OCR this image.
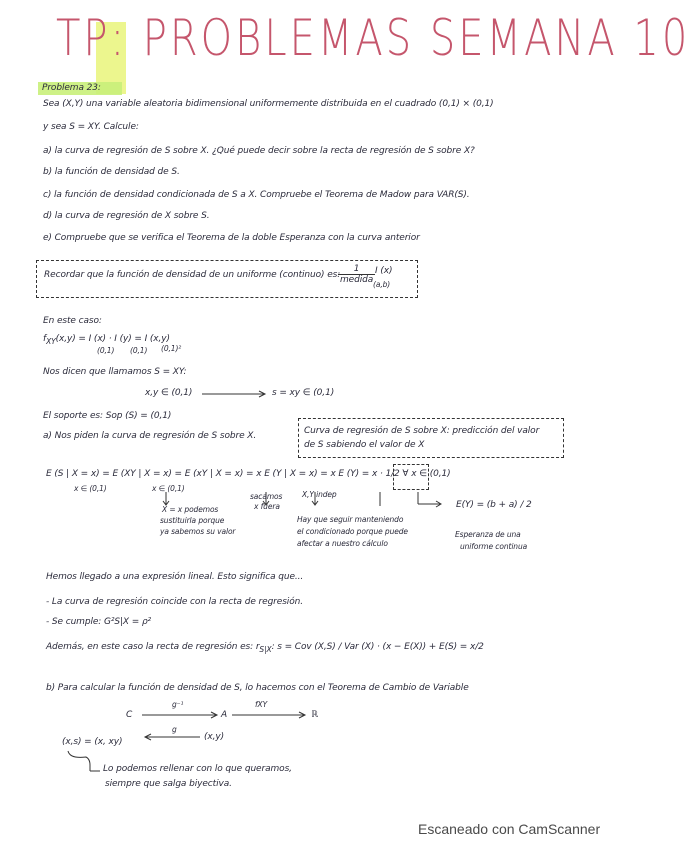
TP: PROBLEMAS SEMANA 10
Problema 23:
Sea (X,Y) una variable aleatoria bidimensional uniformemente distribuida en el cuadrado (0,1) × (0,1)
y sea S = XY. Calcule:
a) la curva de regresión de S sobre X. ¿Qué puede decir sobre la recta de regresión de S sobre X?
b) la función de densidad de S.
c) la función de densidad condicionada de S a X. Compruebe el Teorema de Madow para VAR(S).
d) la curva de regresión de X sobre S.
e) Compruebe que se verifica el Teorema de la doble Esperanza con la curva anterior
Recordar que la función de densidad de un uniforme (continuo) es:
$\frac{1}{\text{medida}}$ I (x)
(a,b)
En este caso:
$f_{XY}(x,y) = I$ (x) · I (y) = I (x,y)
(0,1) (0,1) (0,1)²
Nos dicen que llamamos S = XY:
x,y ∈ (0,1)	s = xy ∈ (0,1)
El soporte es: Sop (S) = (0,1)
a) Nos piden la curva de regresión de S sobre X.	Curva de regresión de S sobre X: predicción del valor
de S sabiendo el valor de X
E (S | X = x) = E (XY | X = x) = E (xY | X = x) = x E (Y | X = x) = x E (Y) = x · 1/2 ∀ x ∈ (0,1)
x ∈ (0,1)	x ∈ (0,1)
X = x podemos
sustituirla porque
ya sabemos su valor
sacamos
x fuera
X,Y indep
Hay que seguir manteniendo
el condicionado porque puede
afectar a nuestro cálculo
E(Y) = (b + a) / 2
Esperanza de una
uniforme continua
Hemos llegado a una expresión lineal. Esto significa que...
- La curva de regresión coincide con la recta de regresión.
- Se cumple: G²S|X = ρ²
Además, en este caso la recta de regresión es: $r_{S|X}$: s = Cov (X,S) / Var (X) · (x − E(X)) + E(S) = x/2
b) Para calcular la función de densidad de S, lo hacemos con el Teorema de Cambio de Variable
C
g⁻¹
A
fXY
ℝ
g
(x,s) = (x, xy)	(x,y)
Lo podemos rellenar con lo que queramos,
siempre que salga biyectiva.
Escaneado con CamScanner
